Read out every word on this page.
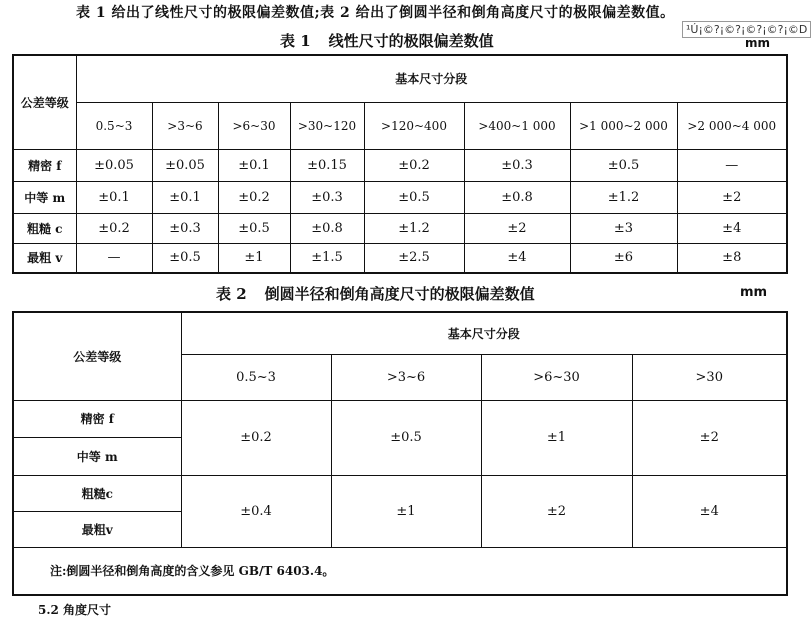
表 1 给出了线性尺寸的极限偏差数值;表 2 给出了倒圆半径和倒角高度尺寸的极限偏差数值。
¹Ú¡©?¡©?¡©?¡©?¡©D
表 1 线性尺寸的极限偏差数值	mm
公差等级	基本尺寸分段							
	0.5~3	>3~6	>6~30	>30~120	>120~400	>400~1 000	>1 000~2 000	>2 000~4 000
精密 f	±0.05	±0.05	±0.1	±0.15	±0.2	±0.3	±0.5	—
中等 m	±0.1	±0.1	±0.2	±0.3	±0.5	±0.8	±1.2	±2
粗糙 c	±0.2	±0.3	±0.5	±0.8	±1.2	±2	±3	±4
最粗 v	—	±0.5	±1	±1.5	±2.5	±4	±6	±8
表 2 倒圆半径和倒角高度尺寸的极限偏差数值	mm
公差等级	基本尺寸分段			
	0.5~3	>3~6	>6~30	>30
精密 f	±0.2	±0.5	±1	±2
中等 m				
粗糙c	±0.4	±1	±2	±4
最粗v				
注:倒圆半径和倒角高度的含义参见 GB/T 6403.4。				
5.2 角度尺寸
